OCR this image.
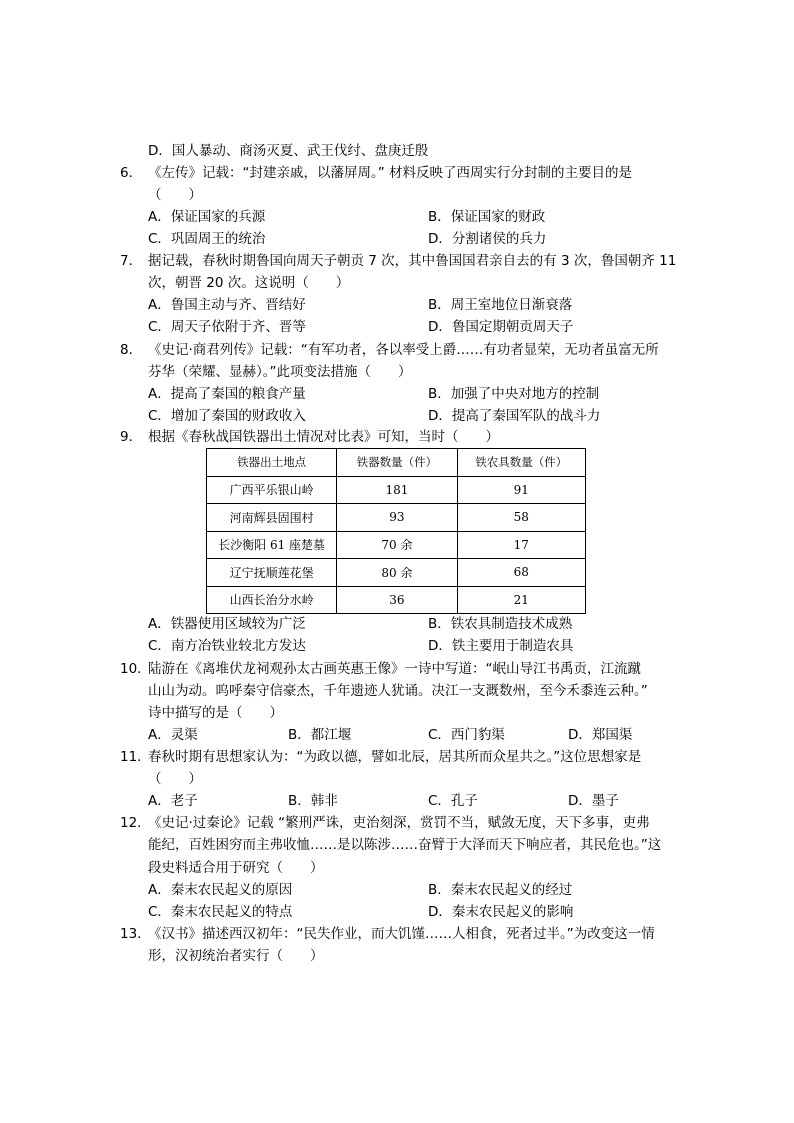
D．国人暴动、商汤灭夏、武王伐纣、盘庚迁殷
6． 《左传》记载：“封建亲戚，以藩屏周。” 材料反映了西周实行分封制的主要目的是
（　　）
A．保证国家的兵源	B．保证国家的财政
C．巩固周王的统治	D．分割诸侯的兵力
7． 据记载，春秋时期鲁国向周天子朝贡 7 次，其中鲁国国君亲自去的有 3 次，鲁国朝齐 11
次，朝晋 20 次。这说明（　　）
A．鲁国主动与齐、晋结好	B．周王室地位日渐衰落
C．周天子依附于齐、晋等	D．鲁国定期朝贡周天子
8． 《史记·商君列传》记载：“有军功者，各以率受上爵……有功者显荣，无功者虽富无所
芬华（荣耀、显赫）。”此项变法措施（　　）
A．提高了秦国的粮食产量	B．加强了中央对地方的控制
C．增加了秦国的财政收入	D．提高了秦国军队的战斗力
9． 根据《春秋战国铁器出土情况对比表》可知，当时（　　）
铁器出土地点	铁器数量（件）	铁农具数量（件）
广西平乐银山岭	181	91
河南辉县固围村	93	58
长沙衡阳 61 座楚墓	70 余	17
辽宁抚顺莲花堡	80 余	68
山西长治分水岭	36	21
A．铁器使用区域较为广泛	B．铁农具制造技术成熟
C．南方冶铁业较北方发达	D．铁主要用于制造农具
10．
陆游在《离堆伏龙祠观孙太古画英惠王像》一诗中写道：“岷山导江书禹贡，江流蹴
山山为动。呜呼秦守信豪杰，千年遗迹人犹诵。决江一支溉数州，至今禾黍连云种。”
诗中描写的是（　　）
A．灵渠	B．都江堰	C．西门豹渠	D．郑国渠
11．
春秋时期有思想家认为：“为政以德，譬如北辰，居其所而众星共之。”这位思想家是
（　　）
A．老子	B．韩非	C．孔子	D．墨子
12．
《史记·过秦论》记载 “繁刑严诛，吏治刻深，赏罚不当，赋敛无度，天下多事，吏弗
能纪，百姓困穷而主弗收恤……是以陈涉……奋臂于大泽而天下响应者，其民危也。”这
段史料适合用于研究（　　）
A．秦末农民起义的原因	B．秦末农民起义的经过
C．秦末农民起义的特点	D．秦末农民起义的影响
13．
《汉书》描述西汉初年：“民失作业，而大饥馑……人相食，死者过半。”为改变这一情
形，汉初统治者实行（　　）
